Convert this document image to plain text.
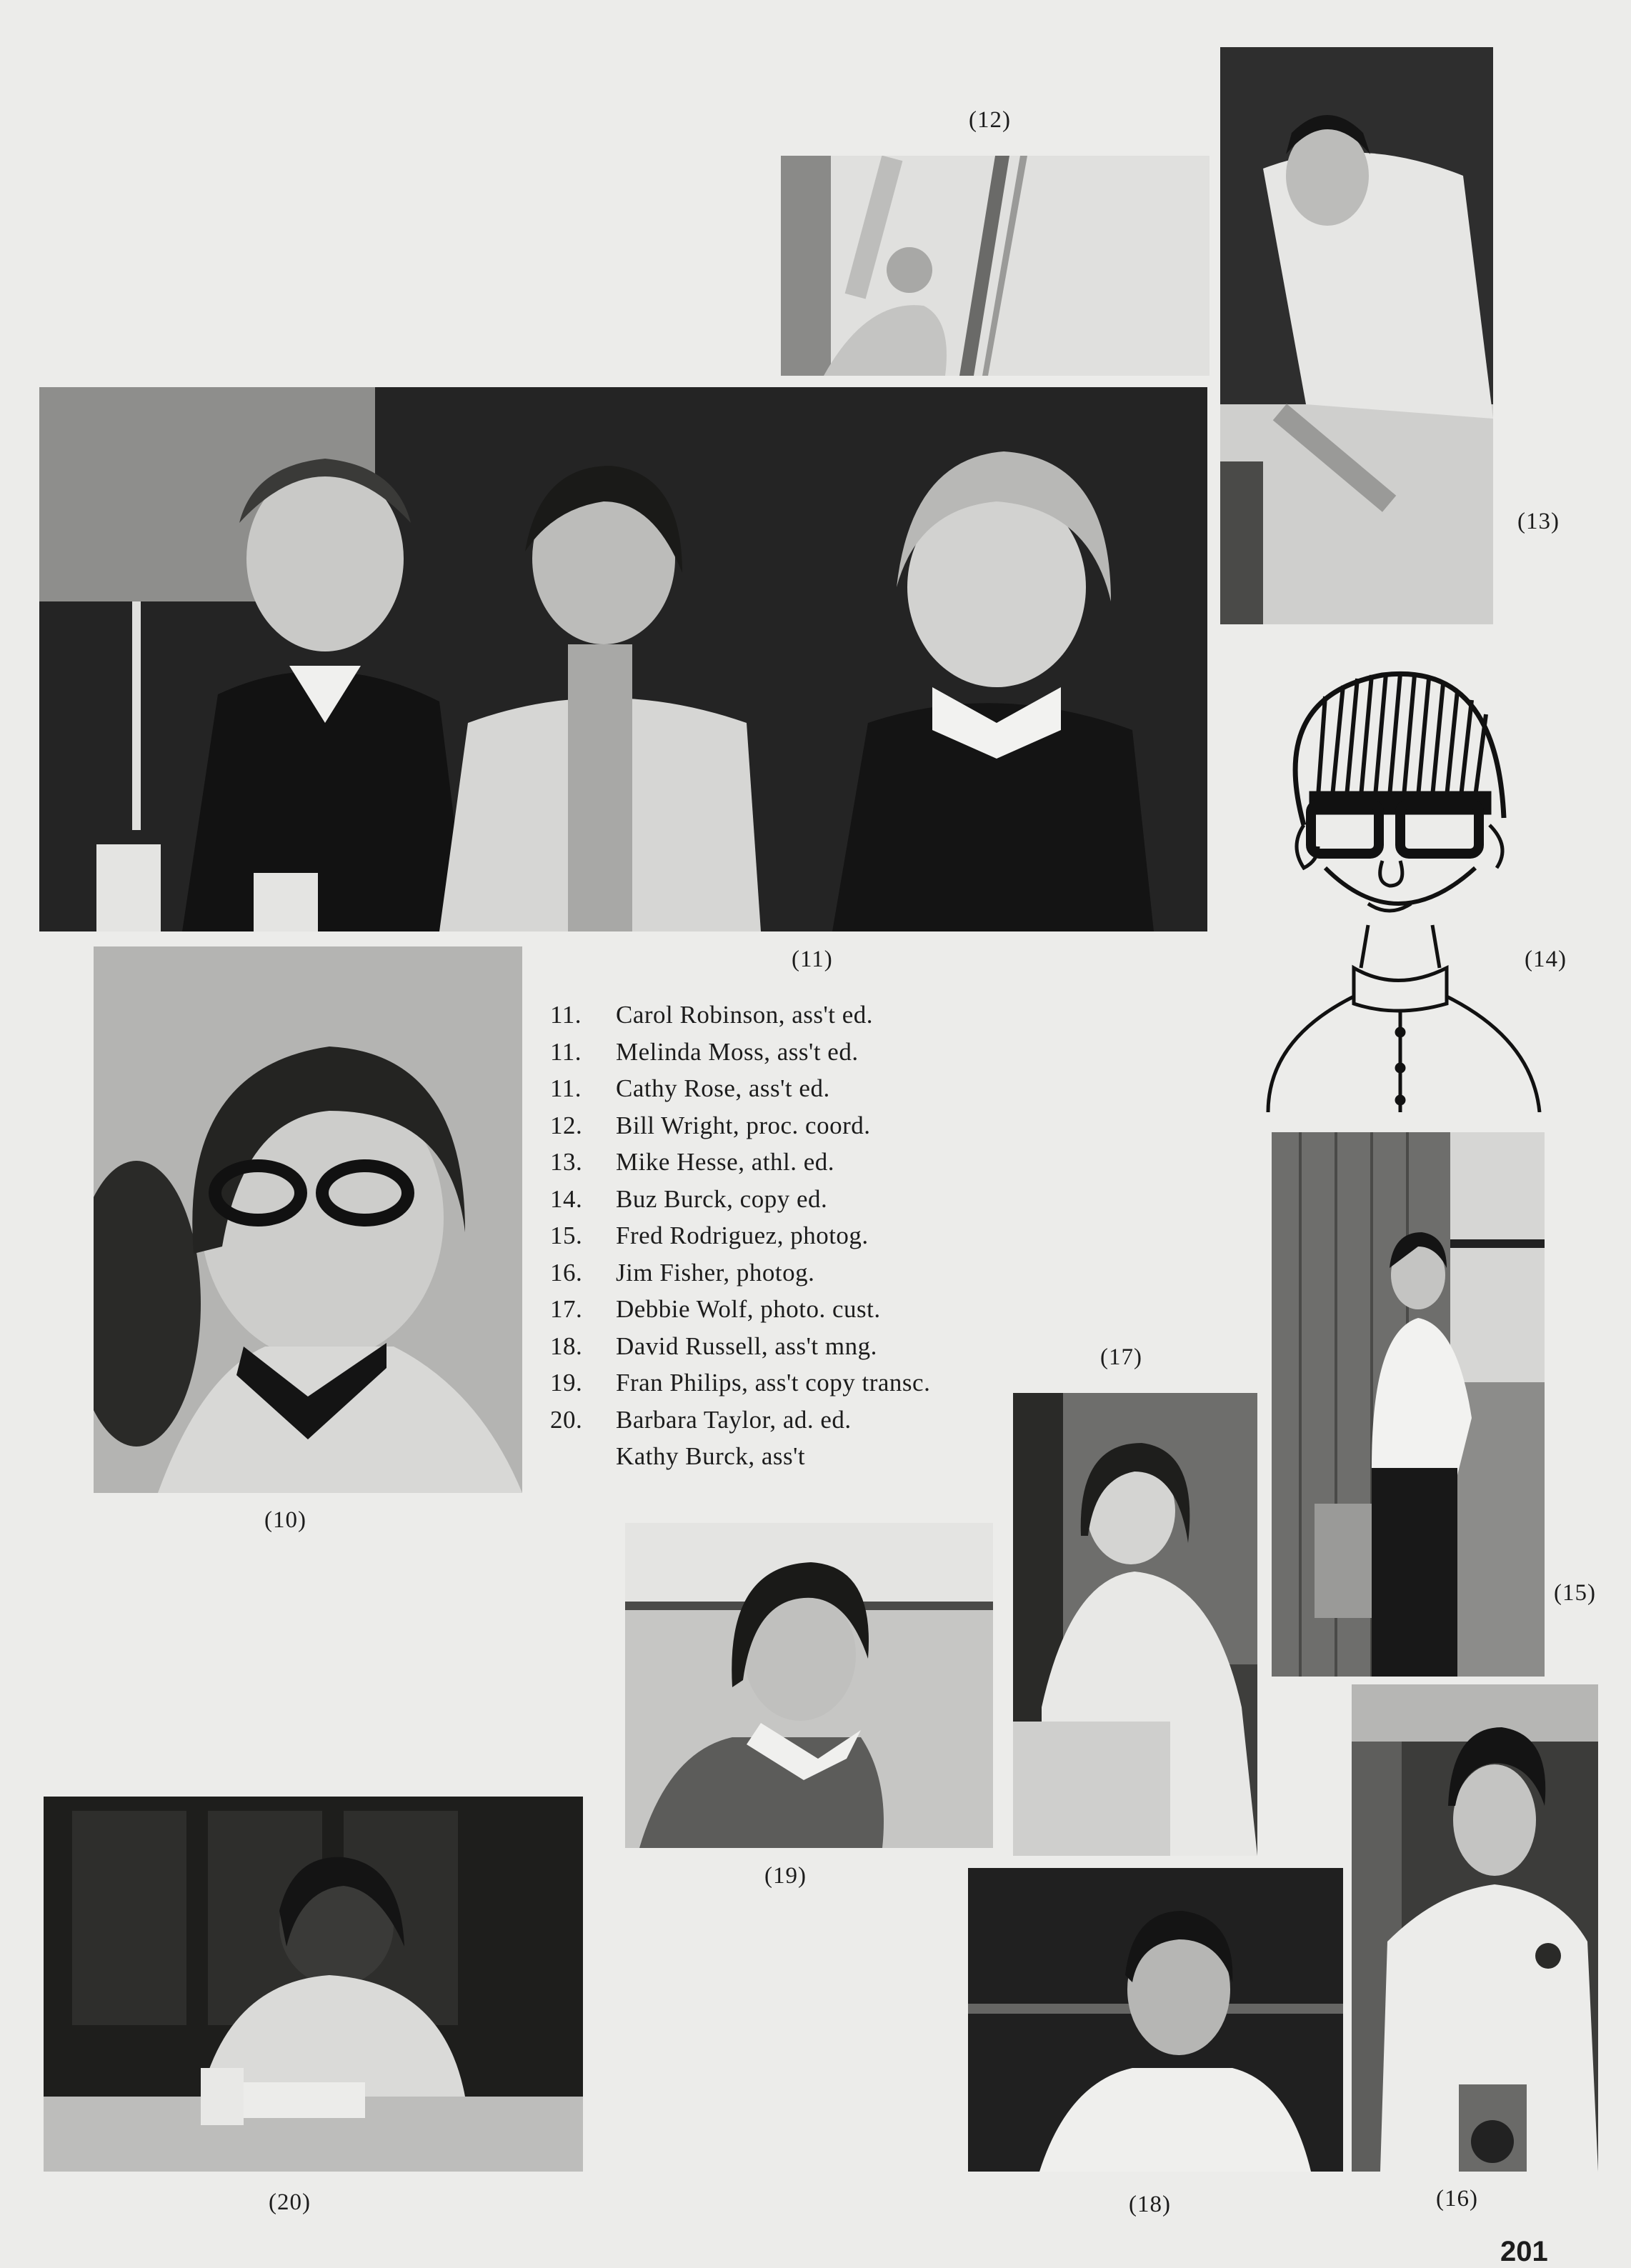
(12)
(13)
(11)	(14)
(10)
11. Carol Robinson, ass't ed.
11. Melinda Moss, ass't ed.
11. Cathy Rose, ass't ed.
12. Bill Wright, proc. coord.
13. Mike Hesse, athl. ed.
14. Buz Burck, copy ed.
15. Fred Rodriguez, photog.
16. Jim Fisher, photog.
17. Debbie Wolf, photo. cust.
18. David Russell, ass't mng.
19. Fran Philips, ass't copy transc.
20. Barbara Taylor, ad. ed.
Kathy Burck, ass't
(15)
(17)
(19)
(20)	(18)	(16)
201
